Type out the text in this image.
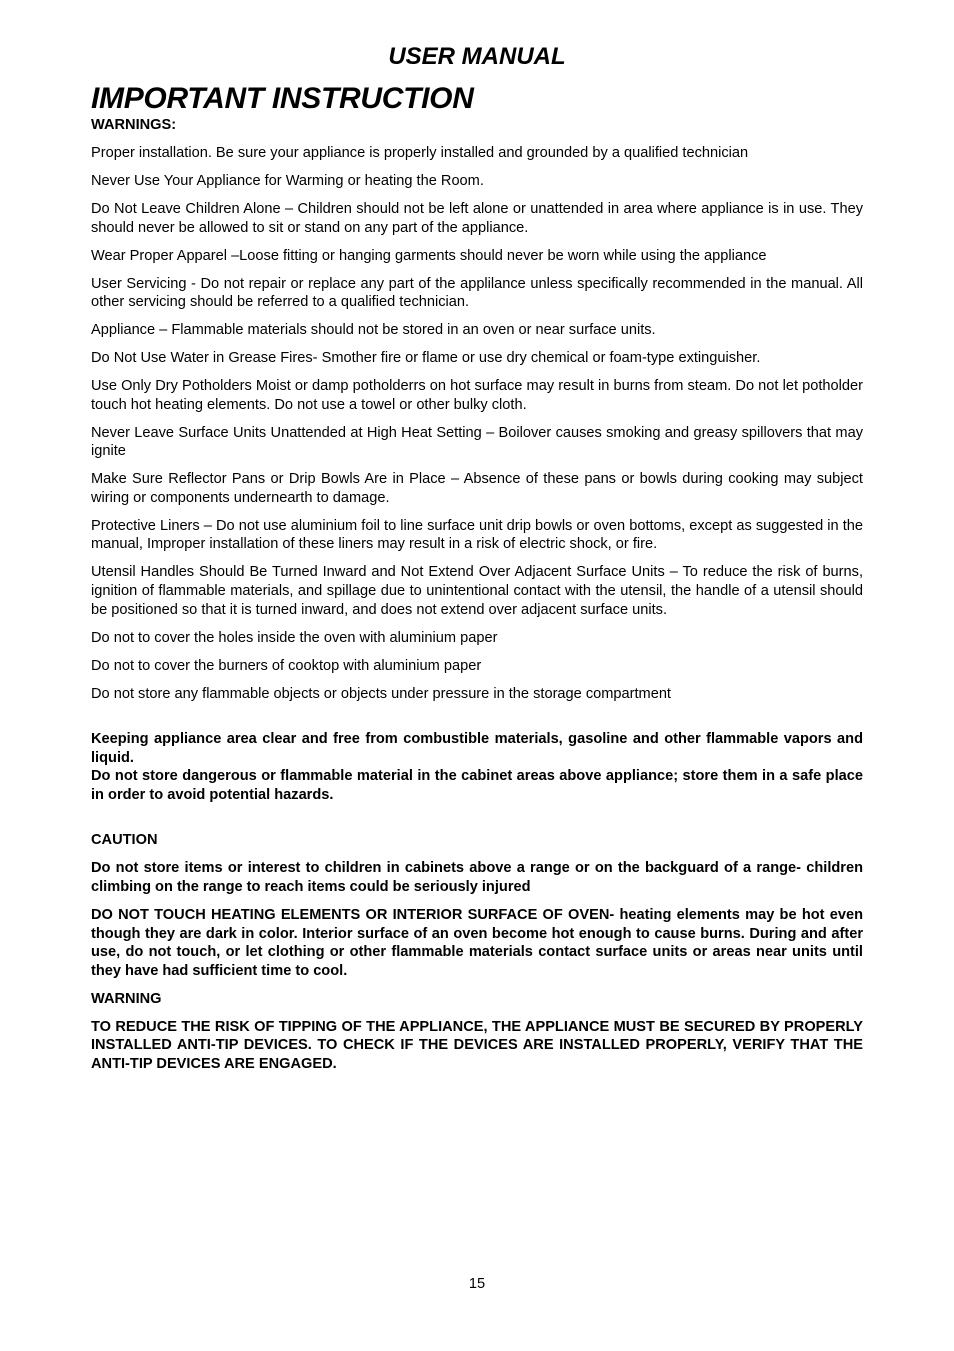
USER MANUAL
IMPORTANT INSTRUCTION

WARNINGS:

Proper installation. Be sure your appliance is properly installed and grounded by a qualified technician

Never Use Your Appliance for Warming or heating the Room.

Do Not Leave Children Alone – Children should not be left alone or unattended in area where appliance is in use. They should never be allowed to sit or stand on any part of the appliance.

Wear Proper Apparel –Loose fitting or hanging garments should never be worn while using the appliance

User Servicing - Do not repair or replace any part of the applilance unless specifically recommended in the manual. All other servicing should be referred to a qualified technician.

Appliance – Flammable materials should not be stored in an oven or near surface units.

Do Not Use Water in Grease Fires- Smother fire or flame or use dry chemical or foam-type extinguisher.

Use Only Dry Potholders Moist or damp potholderrs on hot surface may result in burns from steam. Do not let potholder touch hot heating elements. Do not use a towel or other bulky cloth.

Never Leave Surface Units Unattended at High Heat Setting – Boilover causes smoking and greasy spillovers that may ignite

Make Sure Reflector Pans or Drip Bowls Are in Place – Absence of these pans or bowls during cooking may subject wiring or components undernearth to damage.

Protective Liners – Do not use aluminium foil to line surface unit drip bowls or oven bottoms, except as suggested in the manual, Improper installation of these liners may result in a risk of electric shock, or fire.

Utensil Handles Should Be Turned Inward and Not Extend Over Adjacent Surface Units – To reduce the risk of burns, ignition of flammable materials, and spillage due to unintentional contact with the utensil, the handle of a utensil should be positioned so that it is turned inward, and does not extend over adjacent surface units.

Do not to cover the holes inside the oven with aluminium paper

Do not to cover the burners of cooktop with aluminium paper

Do not store any flammable objects or objects under pressure in the storage compartment

Keeping appliance area clear and free from combustible materials, gasoline and other flammable vapors and liquid.

Do not store dangerous or flammable material in the cabinet areas above appliance; store them in a safe place in order to avoid potential hazards.

CAUTION

Do not store items or interest to children in cabinets above a range or on the backguard of a range- children climbing on the range to reach items could be seriously injured

DO NOT TOUCH HEATING ELEMENTS OR INTERIOR SURFACE OF OVEN- heating elements may be hot even though they are dark in color. Interior surface of an oven become hot enough to cause burns. During and after use, do not touch, or let clothing or other flammable materials contact surface units or areas near units until they have had sufficient time to cool.

WARNING

TO REDUCE THE RISK OF TIPPING OF THE APPLIANCE, THE APPLIANCE MUST BE SECURED BY PROPERLY INSTALLED ANTI-TIP DEVICES. TO CHECK IF THE DEVICES ARE INSTALLED PROPERLY, VERIFY THAT THE ANTI-TIP DEVICES ARE ENGAGED.

15
